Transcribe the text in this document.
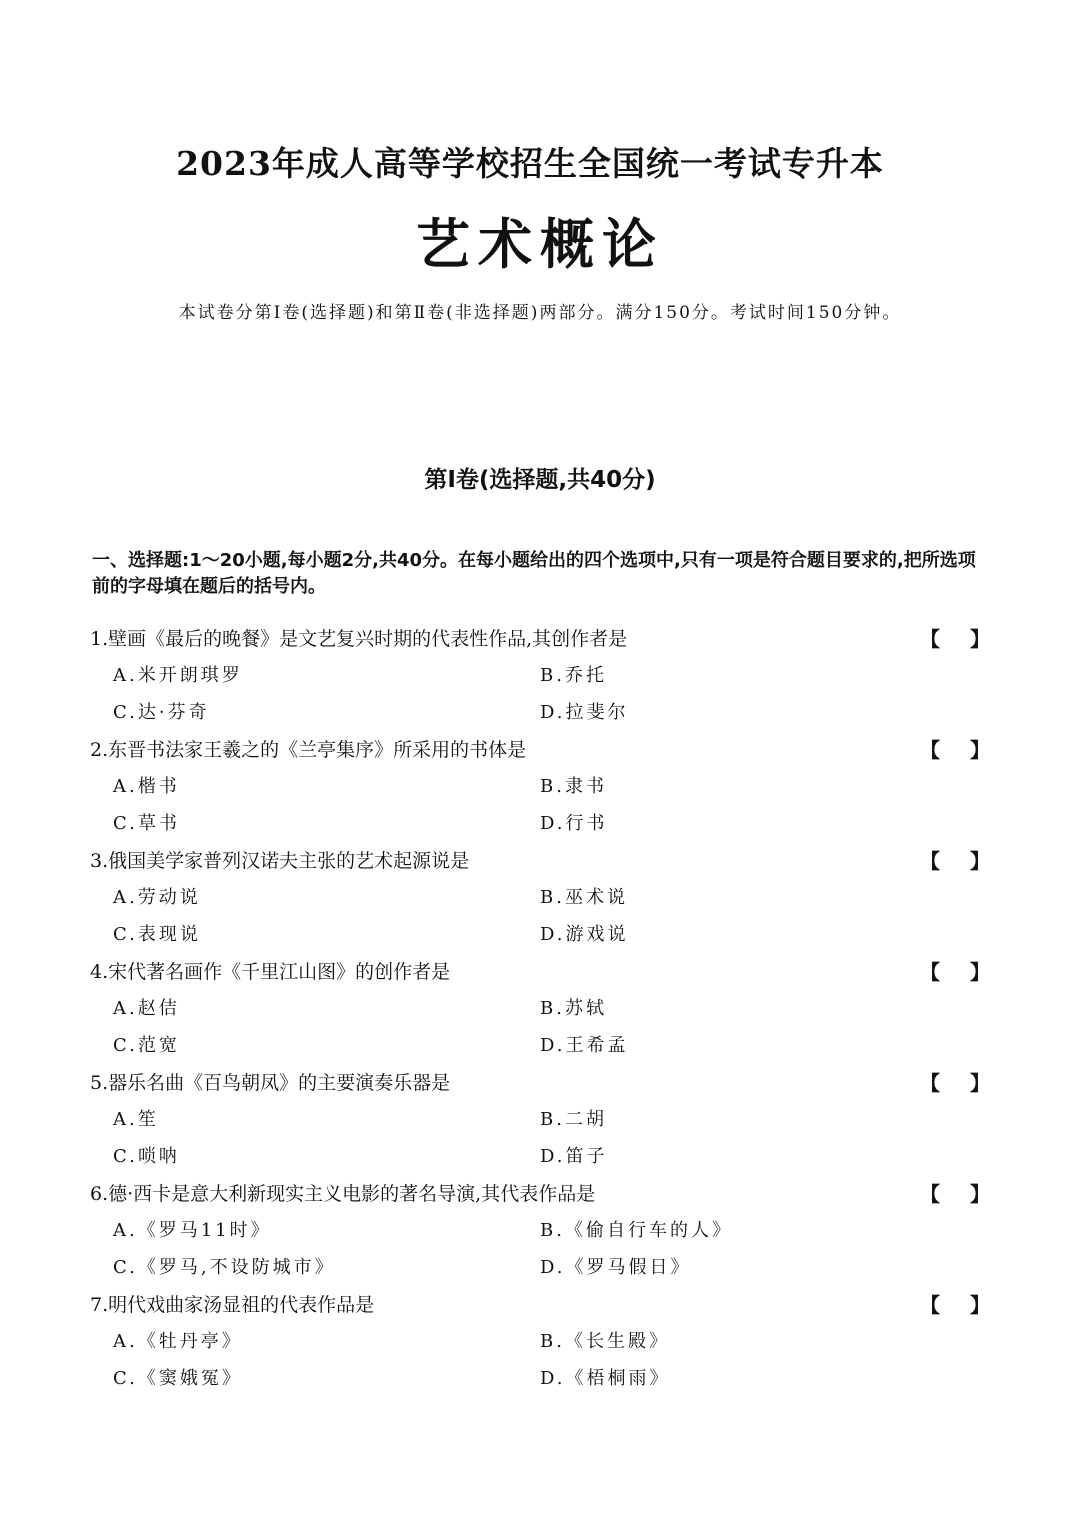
2023年成人高等学校招生全国统一考试专升本
艺术概论
本试卷分第Ⅰ卷(选择题)和第Ⅱ卷(非选择题)两部分。满分150分。考试时间150分钟。
第Ⅰ卷(选择题,共40分)
一、选择题:1～20小题,每小题2分,共40分。在每小题给出的四个选项中,只有一项是符合题目要求的,把所选项前的字母填在题后的括号内。
1.壁画《最后的晚餐》是文艺复兴时期的代表性作品,其创作者是	【 】
A.米开朗琪罗	B.乔托
C.达·芬奇	D.拉斐尔
2.东晋书法家王羲之的《兰亭集序》所采用的书体是	【 】
A.楷书	B.隶书
C.草书	D.行书
3.俄国美学家普列汉诺夫主张的艺术起源说是	【 】
A.劳动说	B.巫术说
C.表现说	D.游戏说
4.宋代著名画作《千里江山图》的创作者是	【 】
A.赵佶	B.苏轼
C.范宽	D.王希孟
5.器乐名曲《百鸟朝凤》的主要演奏乐器是	【 】
A.笙	B.二胡
C.唢呐	D.笛子
6.德·西卡是意大利新现实主义电影的著名导演,其代表作品是	【 】
A.《罗马11时》	B.《偷自行车的人》
C.《罗马,不设防城市》	D.《罗马假日》
7.明代戏曲家汤显祖的代表作品是	【 】
A.《牡丹亭》	B.《长生殿》
C.《窦娥冤》	D.《梧桐雨》
